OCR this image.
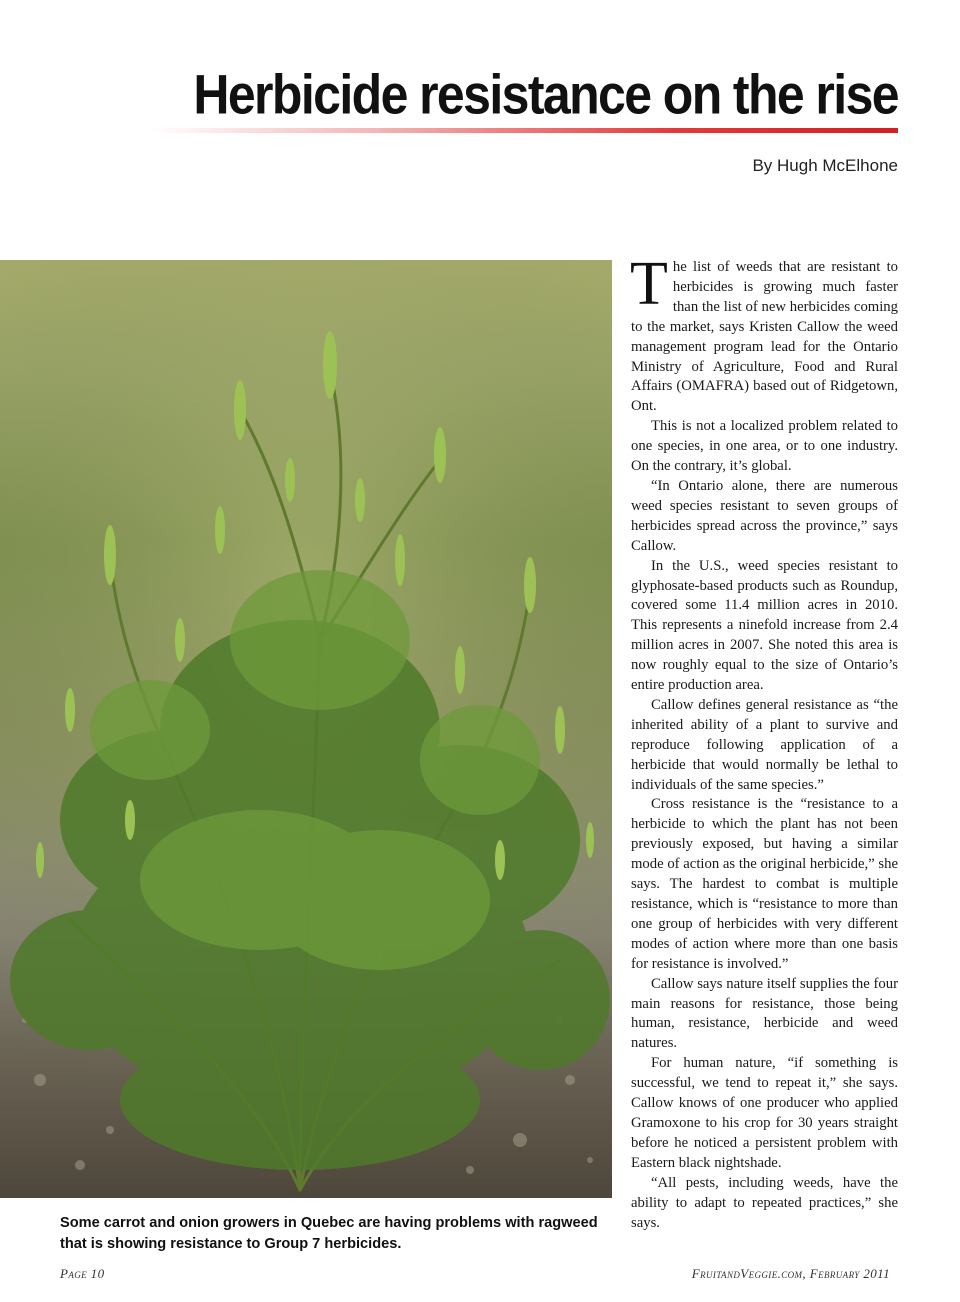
Herbicide resistance on the rise
By Hugh McElhone
Some carrot and onion growers in Quebec are having problems with ragweed that is showing resistance to Group 7 herbicides.

The list of weeds that are resistant to herbicides is growing much faster than the list of new herbicides coming to the market, says Kristen Callow the weed management program lead for the Ontario Ministry of Agriculture, Food and Rural Affairs (OMAFRA) based out of Ridgetown, Ont.

This is not a localized problem related to one species, in one area, or to one industry. On the contrary, it’s global.

“In Ontario alone, there are numerous weed species resistant to seven groups of herbicides spread across the province,” says Callow.

In the U.S., weed species resistant to glyphosate-based products such as Roundup, covered some 11.4 million acres in 2010. This represents a ninefold increase from 2.4 million acres in 2007. She noted this area is now roughly equal to the size of Ontario’s entire production area.

Callow defines general resistance as “the inherited ability of a plant to survive and reproduce following application of a herbicide that would normally be lethal to individuals of the same species.”

Cross resistance is the “resistance to a herbicide to which the plant has not been previously exposed, but having a similar mode of action as the original herbicide,” she says. The hardest to combat is multiple resistance, which is “resistance to more than one group of herbicides with very different modes of action where more than one basis for resistance is involved.”

Callow says nature itself supplies the four main reasons for resistance, those being human, resistance, herbicide and weed natures.

For human nature, “if something is successful, we tend to repeat it,” she says. Callow knows of one producer who applied Gramoxone to his crop for 30 years straight before he noticed a persistent problem with Eastern black nightshade.

“All pests, including weeds, have the ability to adapt to repeated practices,” she says.

Page 10	FruitandVeggie.com, February 2011
